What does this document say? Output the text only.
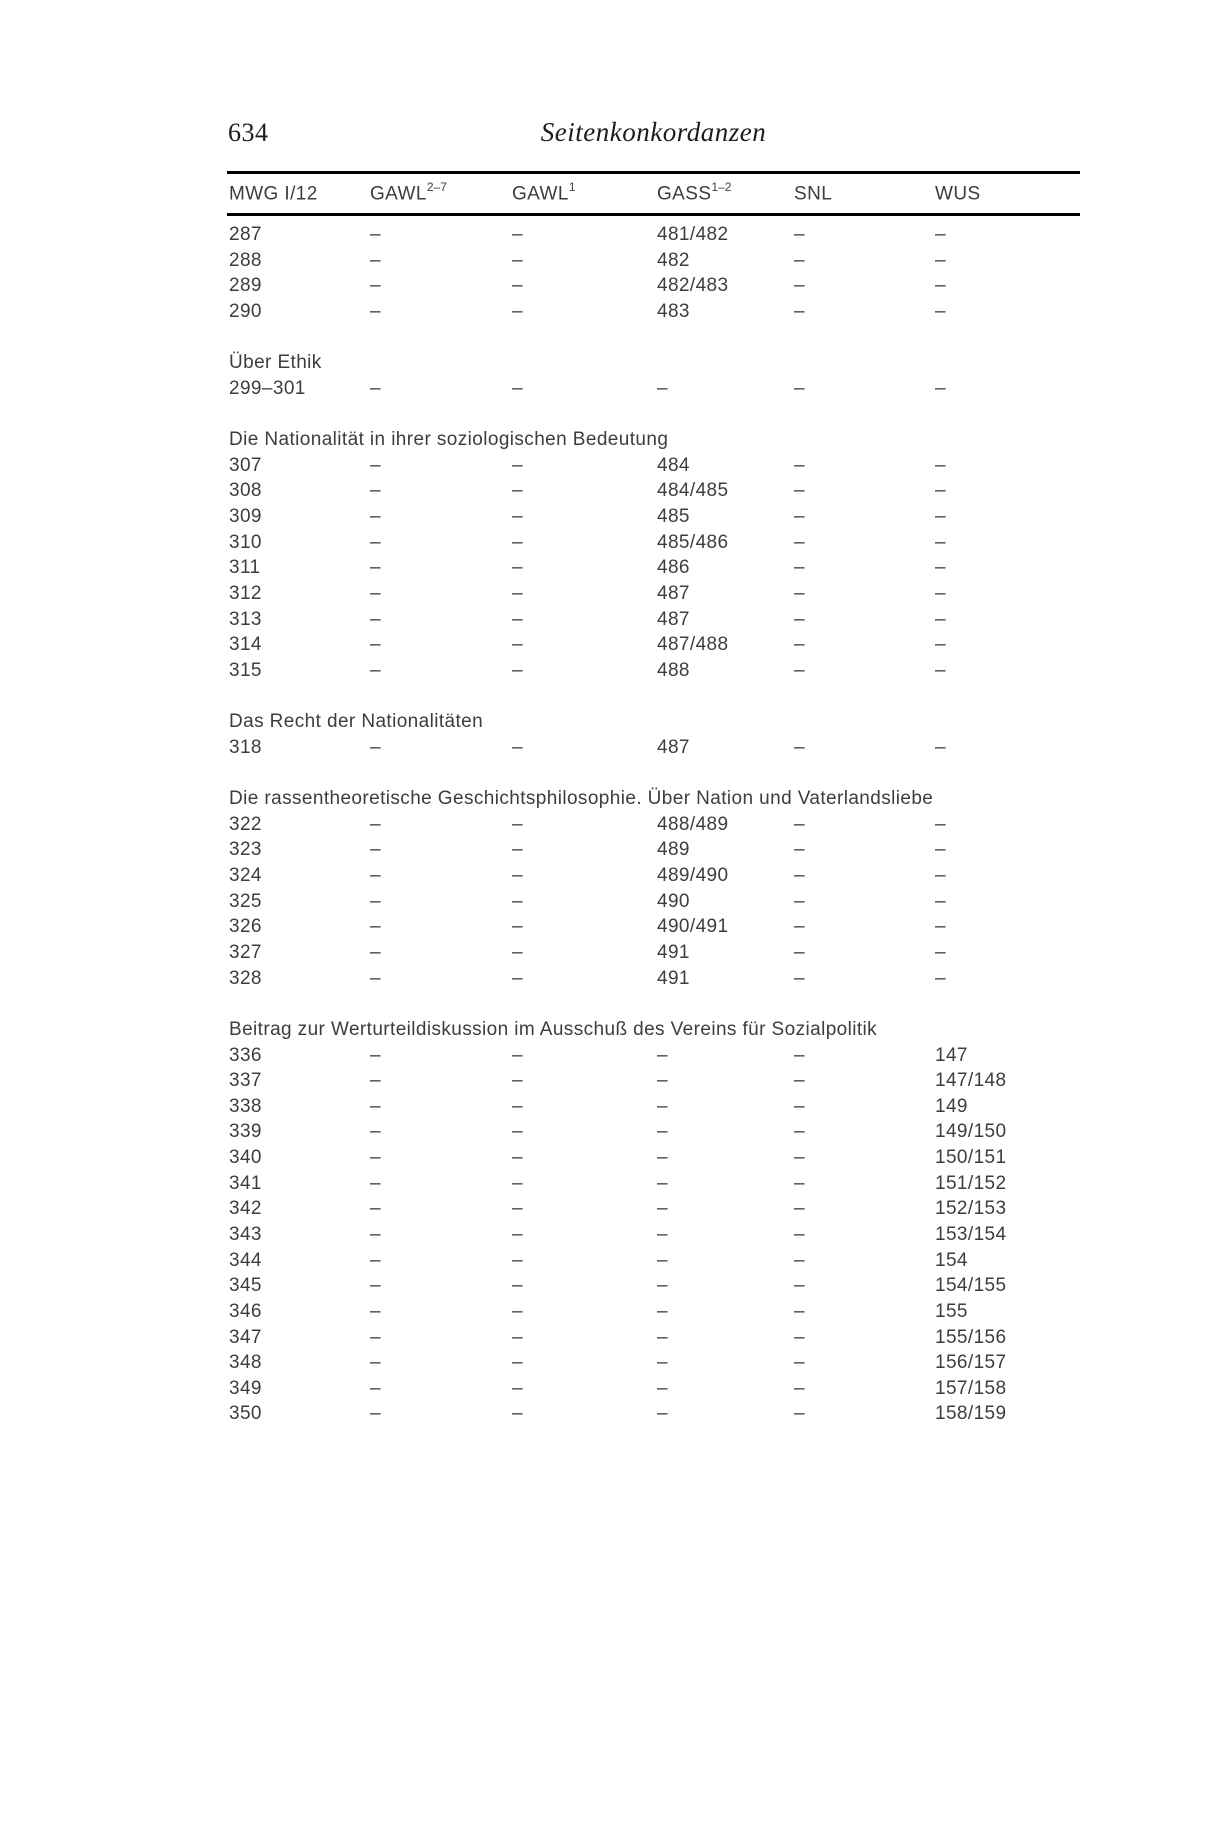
634	Seitenkonkordanzen
MWG I/12	GAWL$^{2-7}$	GAWL$^1$	GASS$^{1-2}$	SNL	WUS
287	–	–	481/482	–	–
288	–	–	482	–	–
289	–	–	482/483	–	–
290	–	–	483	–	–
Über Ethik
299–301	–	–	–	–	–
Die Nationalität in ihrer soziologischen Bedeutung
307	–	–	484	–	–
308	–	–	484/485	–	–
309	–	–	485	–	–
310	–	–	485/486	–	–
311	–	–	486	–	–
312	–	–	487	–	–
313	–	–	487	–	–
314	–	–	487/488	–	–
315	–	–	488	–	–
Das Recht der Nationalitäten
318	–	–	487	–	–
Die rassentheoretische Geschichtsphilosophie. Über Nation und Vaterlandsliebe
322	–	–	488/489	–	–
323	–	–	489	–	–
324	–	–	489/490	–	–
325	–	–	490	–	–
326	–	–	490/491	–	–
327	–	–	491	–	–
328	–	–	491	–	–
Beitrag zur Werturteildiskussion im Ausschuß des Vereins für Sozialpolitik
336	–	–	–	–	147
337	–	–	–	–	147/148
338	–	–	–	–	149
339	–	–	–	–	149/150
340	–	–	–	–	150/151
341	–	–	–	–	151/152
342	–	–	–	–	152/153
343	–	–	–	–	153/154
344	–	–	–	–	154
345	–	–	–	–	154/155
346	–	–	–	–	155
347	–	–	–	–	155/156
348	–	–	–	–	156/157
349	–	–	–	–	157/158
350	–	–	–	–	158/159
